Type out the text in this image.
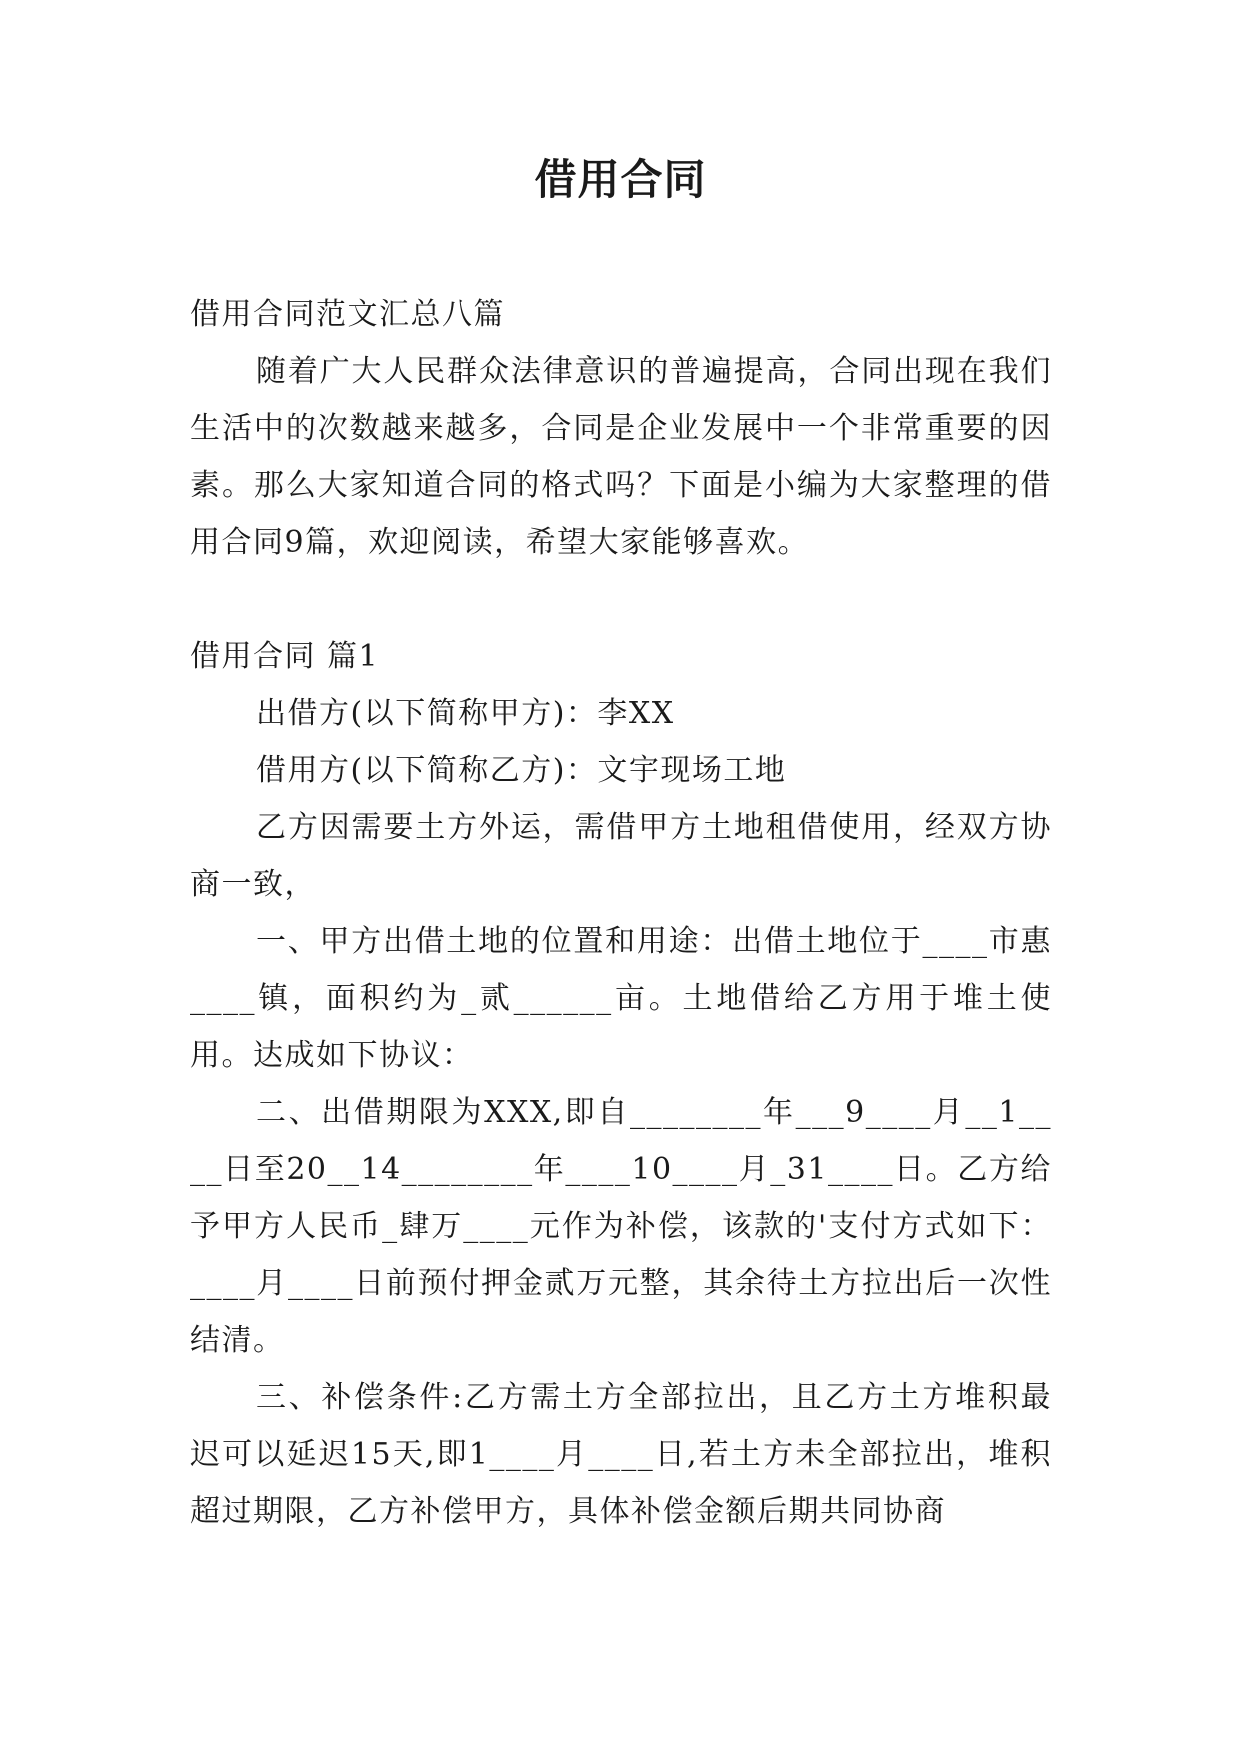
借用合同

借用合同范文汇总八篇

随着广大人民群众法律意识的普遍提高，合同出现在我们生活中的次数越来越多，合同是企业发展中一个非常重要的因素。那么大家知道合同的格式吗？下面是小编为大家整理的借用合同9篇，欢迎阅读，希望大家能够喜欢。

借用合同 篇1

出借方(以下简称甲方)：李XX

借用方(以下简称乙方)：文宇现场工地

乙方因需要土方外运，需借甲方土地租借使用，经双方协商一致，

一、甲方出借土地的位置和用途：出借土地位于____市惠____镇，面积约为_贰______亩。土地借给乙方用于堆土使用。达成如下协议：

二、出借期限为XXX,即自________年___9____月__1____日至20__14________年____10____月_31____日。乙方给予甲方人民币_肆万____元作为补偿，该款的'支付方式如下：____月____日前预付押金贰万元整，其余待土方拉出后一次性结清。

三、补偿条件:乙方需土方全部拉出，且乙方土方堆积最迟可以延迟15天,即1____月____日,若土方未全部拉出，堆积超过期限，乙方补偿甲方，具体补偿金额后期共同协商
